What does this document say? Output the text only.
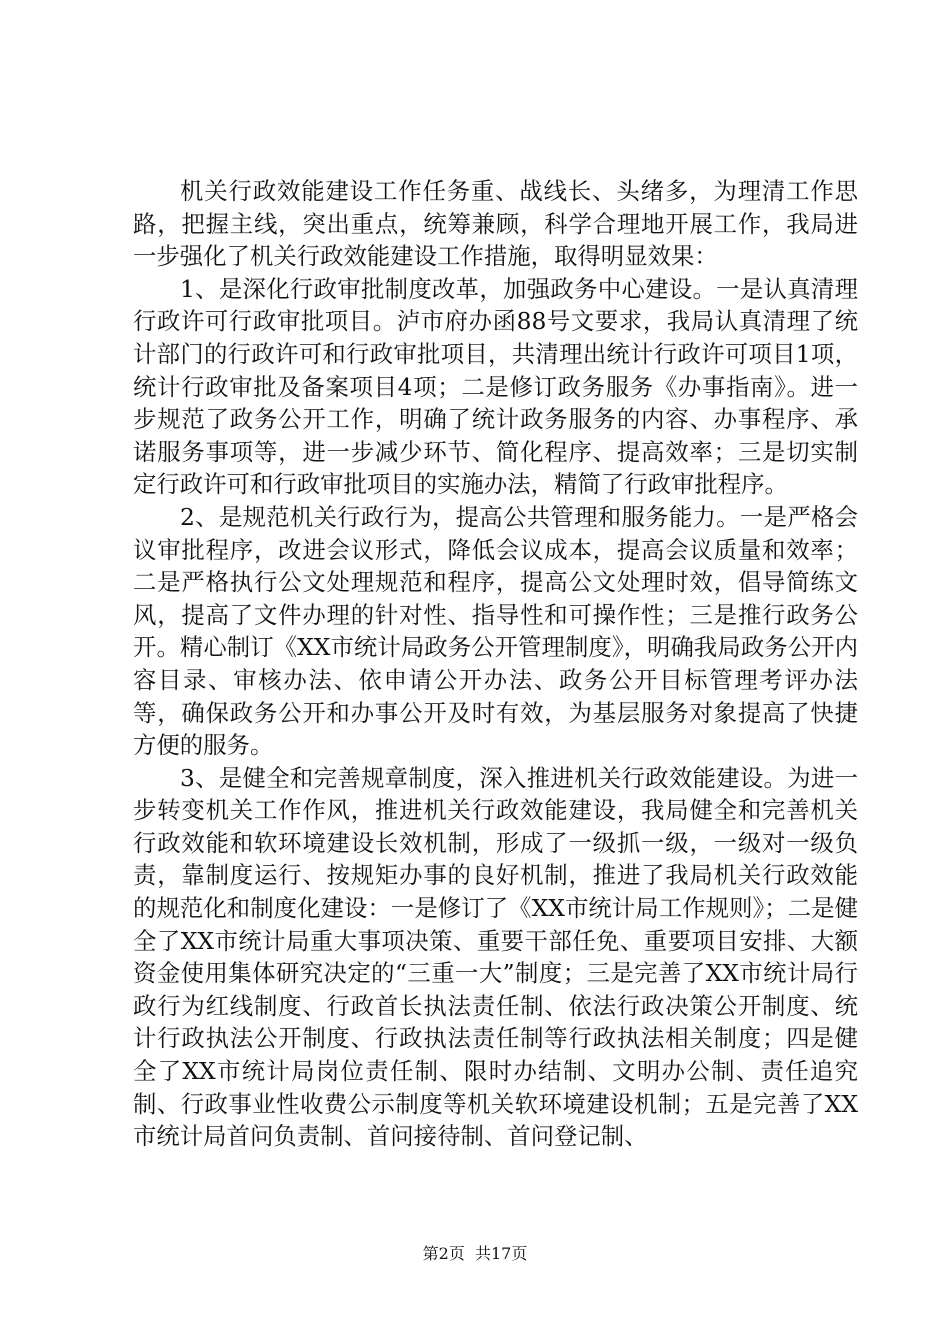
机关行政效能建设工作任务重、战线长、头绪多，为理清工作思路，把握主线，突出重点，统筹兼顾，科学合理地开展工作，我局进一步强化了机关行政效能建设工作措施，取得明显效果：

1、是深化行政审批制度改革，加强政务中心建设。一是认真清理行政许可行政审批项目。泸市府办函88号文要求，我局认真清理了统计部门的行政许可和行政审批项目，共清理出统计行政许可项目1项，统计行政审批及备案项目4项；二是修订政务服务《办事指南》。进一步规范了政务公开工作，明确了统计政务服务的内容、办事程序、承诺服务事项等，进一步减少环节、简化程序、提高效率；三是切实制定行政许可和行政审批项目的实施办法，精简了行政审批程序。

2、是规范机关行政行为，提高公共管理和服务能力。一是严格会议审批程序，改进会议形式，降低会议成本，提高会议质量和效率；二是严格执行公文处理规范和程序，提高公文处理时效，倡导简练文风，提高了文件办理的针对性、指导性和可操作性；三是推行政务公开。精心制订《XX市统计局政务公开管理制度》，明确我局政务公开内容目录、审核办法、依申请公开办法、政务公开目标管理考评办法等，确保政务公开和办事公开及时有效，为基层服务对象提高了快捷方便的服务。

3、是健全和完善规章制度，深入推进机关行政效能建设。为进一步转变机关工作作风，推进机关行政效能建设，我局健全和完善机关行政效能和软环境建设长效机制，形成了一级抓一级，一级对一级负责，靠制度运行、按规矩办事的良好机制，推进了我局机关行政效能的规范化和制度化建设：一是修订了《XX市统计局工作规则》；二是健全了XX市统计局重大事项决策、重要干部任免、重要项目安排、大额资金使用集体研究决定的“三重一大”制度；三是完善了XX市统计局行政行为红线制度、行政首长执法责任制、依法行政决策公开制度、统计行政执法公开制度、行政执法责任制等行政执法相关制度；四是健全了XX市统计局岗位责任制、限时办结制、文明办公制、责任追究制、行政事业性收费公示制度等机关软环境建设机制；五是完善了XX市统计局首问负责制、首问接待制、首问登记制、

第2页  共17页
